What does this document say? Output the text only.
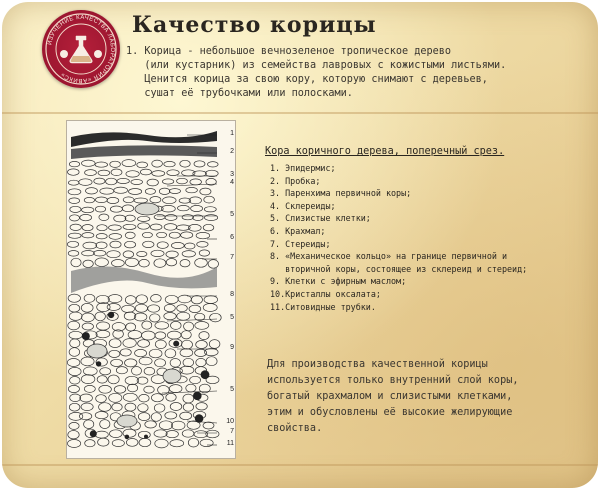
ИЗУЧЕНИЕ КАЧЕСТВА ЛАБОРАТОРИЯ «АВИКС»
Качество корицы
1. Корица - небольшое вечнозеленое тропическое дерево
(или кустарник) из семейства лавровых с кожистыми листьями.
Ценится корица за свою кору, которую снимают с деревьев,
сушат её трубочками или полосками.
1
2
3
4
5
6
7
8
5
9
5
10
7
11
Кора коричного дерева, поперечный срез.
1. Эпидермис;
2. Пробка;
3. Паренхима первичной коры;
4. Склереиды;
5. Слизистые клетки;
6. Крахмал;
7. Стереиды;
8. «Механическое кольцо» на границе первичной и
вторичной коры, состоящее из склереид и стереид;
9. Клетки с эфирным маслом;
10.Кристаллы оксалата;
11.Ситовидные трубки.
Для производства качественной корицы
используется только внутренний слой коры,
богатый крахмалом и слизистыми клетками,
этим и обусловлены её высокие желирующие
свойства.
